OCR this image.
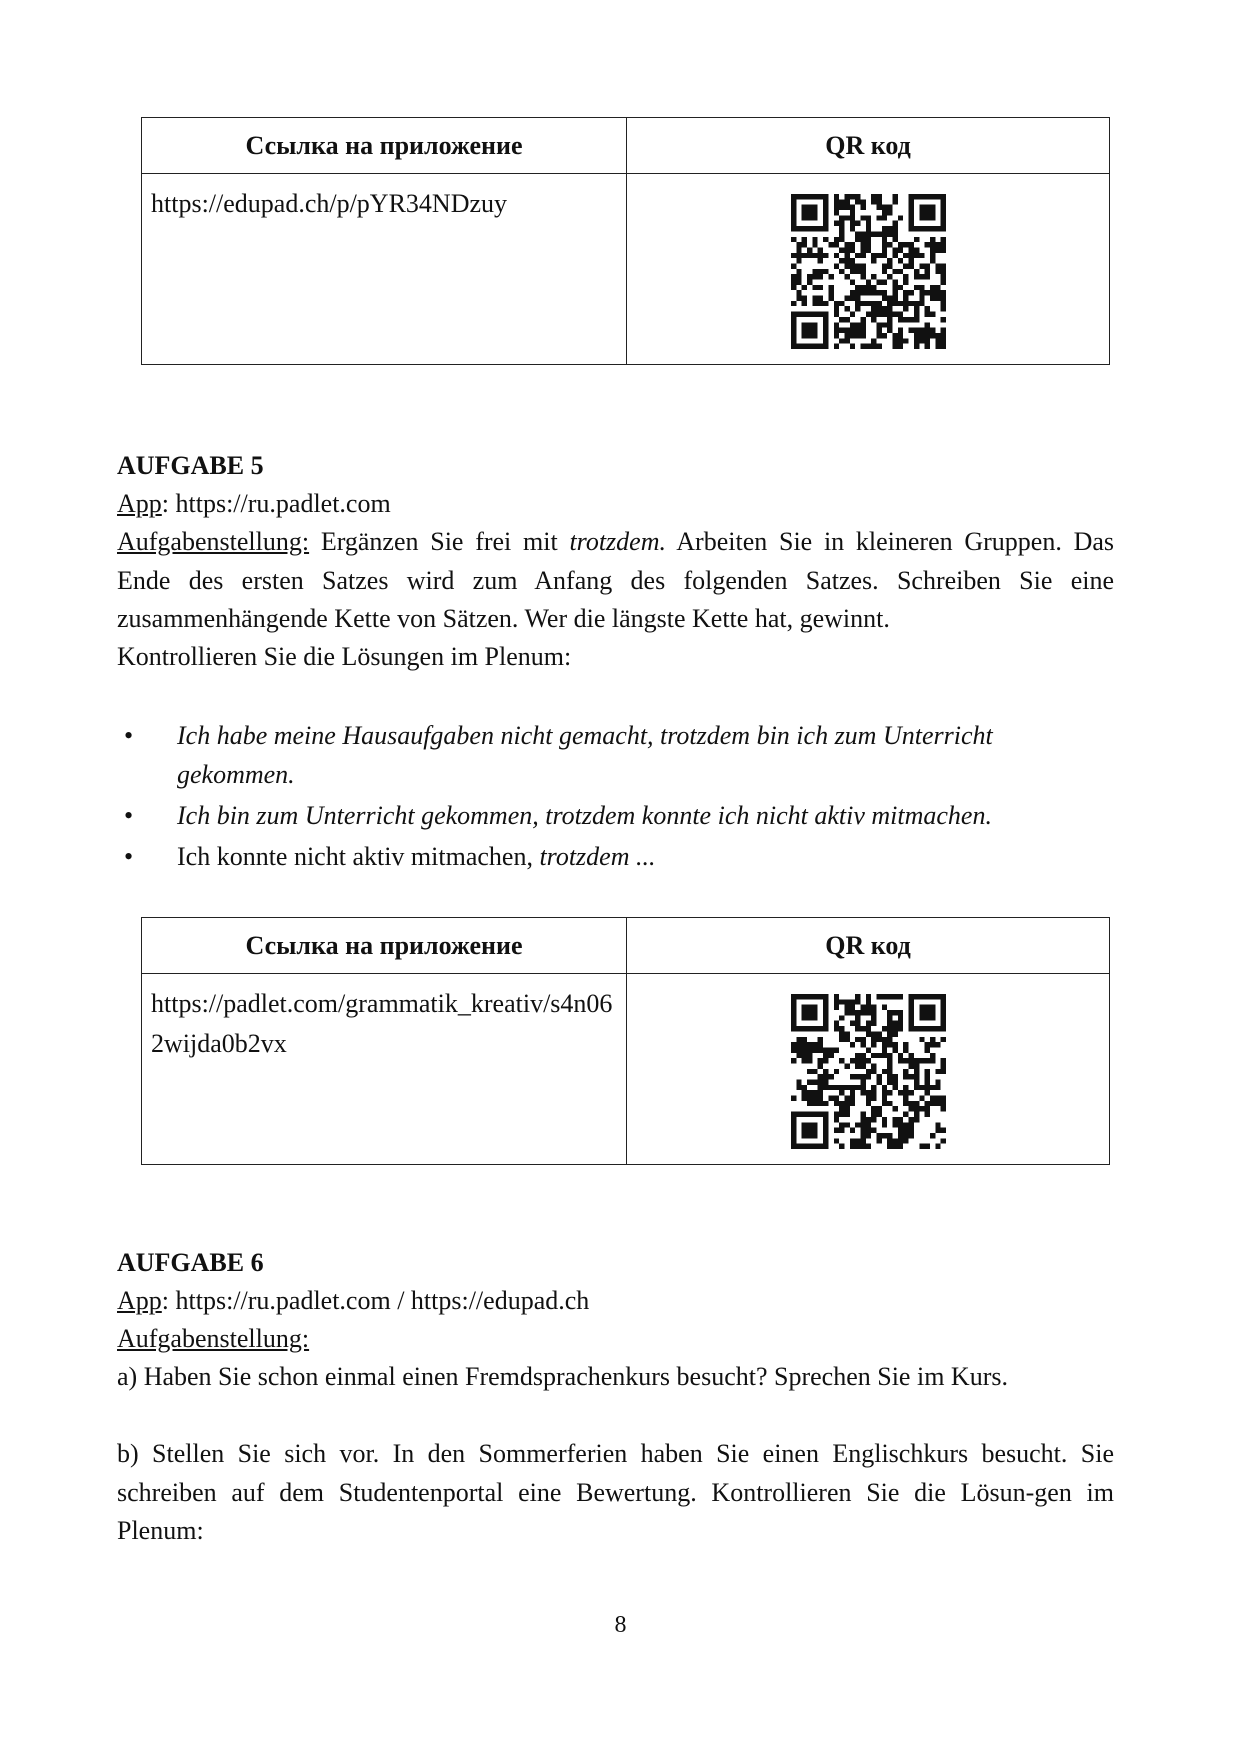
Ссылка на приложение	QR код
https://edupad.ch/p/pYR34NDzuy	
AUFGABE 5
App: https://ru.padlet.com
Aufgabenstellung: Ergänzen Sie frei mit trotzdem. Arbeiten Sie in kleineren Gruppen. Das Ende des ersten Satzes wird zum Anfang des folgenden Satzes. Schreiben Sie eine zusammenhängende Kette von Sätzen. Wer die längste Kette hat, gewinnt.
Kontrollieren Sie die Lösungen im Plenum:
• Ich habe meine Hausaufgaben nicht gemacht, trotzdem bin ich zum Unterricht gekommen.
• Ich bin zum Unterricht gekommen, trotzdem konnte ich nicht aktiv mitmachen.
• Ich konnte nicht aktiv mitmachen, trotzdem ...
Ссылка на приложение	QR код
https://padlet.com/grammatik_kreativ/s4n062wijda0b2vx	
AUFGABE 6
App: https://ru.padlet.com / https://edupad.ch
Aufgabenstellung:
a) Haben Sie schon einmal einen Fremdsprachenkurs besucht? Sprechen Sie im Kurs.
b) Stellen Sie sich vor. In den Sommerferien haben Sie einen Englischkurs besucht. Sie schreiben auf dem Studentenportal eine Bewertung. Kontrollieren Sie die Lösun-gen im Plenum:
8
